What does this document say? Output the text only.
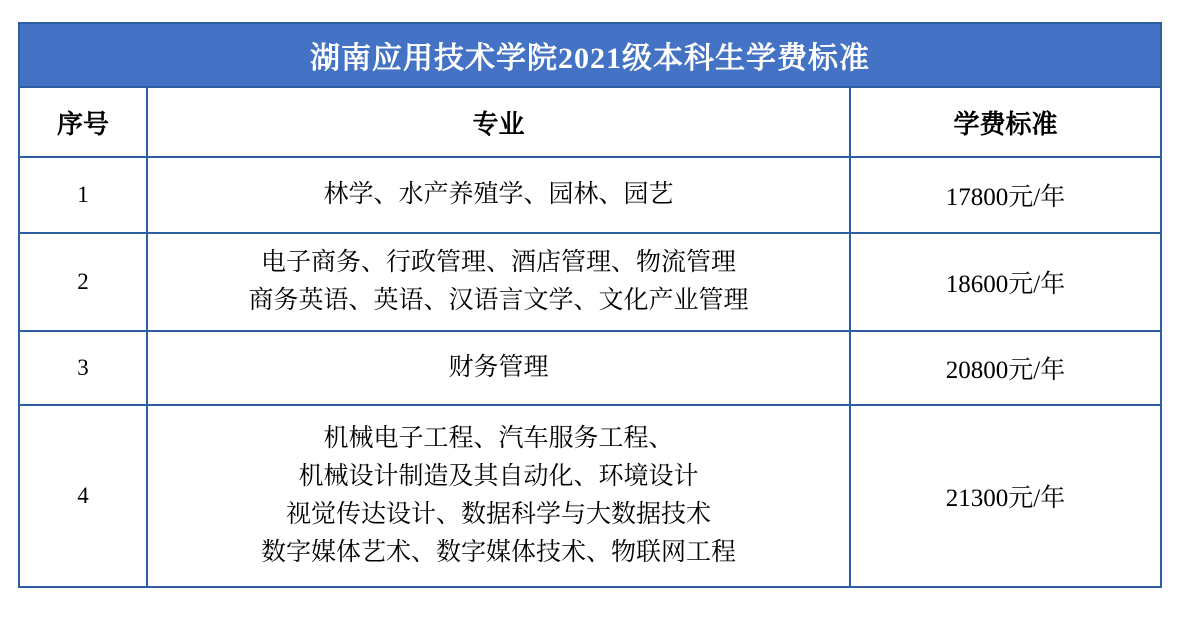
湖南应用技术学院2021级本科生学费标准		
序号	专业	学费标准
1	林学、水产养殖学、园林、园艺	17800元/年
2	电子商务、行政管理、酒店管理、物流管理
商务英语、英语、汉语言文学、文化产业管理	18600元/年
3	财务管理	20800元/年
4	机械电子工程、汽车服务工程、
机械设计制造及其自动化、环境设计
视觉传达设计、数据科学与大数据技术
数字媒体艺术、数字媒体技术、物联网工程	21300元/年
